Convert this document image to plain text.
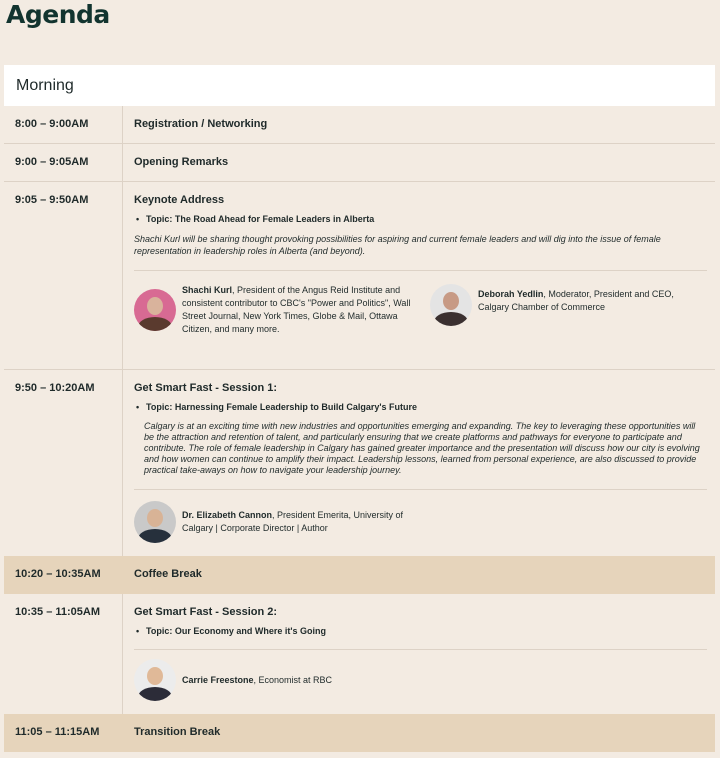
Agenda
Morning
8:00 – 9:00AM	Registration / Networking
9:00 – 9:05AM	Opening Remarks
9:05 – 9:50AM	Keynote Address
• Topic: The Road Ahead for Female Leaders in Alberta
Shachi Kurl will be sharing thought provoking possibilities for aspiring and current female leaders and will dig into the issue of female representation in leadership roles in Alberta (and beyond).
Shachi Kurl, President of the Angus Reid Institute and consistent contributor to CBC's "Power and Politics", Wall Street Journal, New York Times, Globe & Mail, Ottawa Citizen, and many more.
Deborah Yedlin, Moderator, President and CEO, Calgary Chamber of Commerce
9:50 – 10:20AM	Get Smart Fast - Session 1:
• Topic: Harnessing Female Leadership to Build Calgary's Future
Calgary is at an exciting time with new industries and opportunities emerging and expanding. The key to leveraging these opportunities will be the attraction and retention of talent, and particularly ensuring that we create platforms and pathways for everyone to participate and contribute. The role of female leadership in Calgary has gained greater importance and the presentation will discuss how our city is evolving and how women can continue to amplify their impact. Leadership lessons, learned from personal experience, are also discussed to provide practical take-aways on how to navigate your leadership journey.
Dr. Elizabeth Cannon, President Emerita, University of Calgary | Corporate Director | Author
10:20 – 10:35AM	Coffee Break
10:35 – 11:05AM	Get Smart Fast - Session 2:
• Topic: Our Economy and Where it's Going
Carrie Freestone, Economist at RBC
11:05 – 11:15AM	Transition Break
